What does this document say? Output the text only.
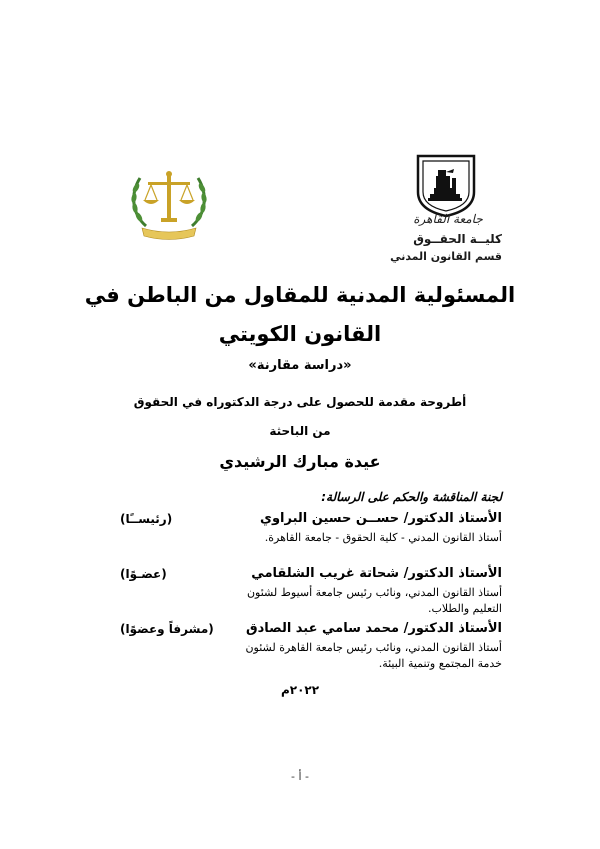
جامعة القاهرة
كليــة الحقــوق
قسم القانون المدني
المسئولية المدنية للمقاول من الباطن في
القانون الكويتي
«دراسة مقارنة»
أطروحة مقدمة للحصول على درجة الدكتوراه في الحقوق
من الباحثة
عيدة مبارك الرشيدي
لجنة المناقشة والحكم على الرسالة:
الأستاذ الدكتور/ حســن حسين البراوي
(رئيســًا)
أستاذ القانون المدني - كلية الحقوق - جامعة القاهرة.
الأستاذ الدكتور/ شحاتة غريب الشلقامي
(عضـوًا)
أستاذ القانون المدني، ونائب رئيس جامعة أسيوط لشئون التعليم والطلاب.
الأستاذ الدكتور/ محمد سامي عبد الصادق
(مشرفاً وعضوًا)
أستاذ القانون المدني، ونائب رئيس جامعة القاهرة لشئون خدمة المجتمع وتنمية البيئة.
٢٠٢٢م
- أ -
